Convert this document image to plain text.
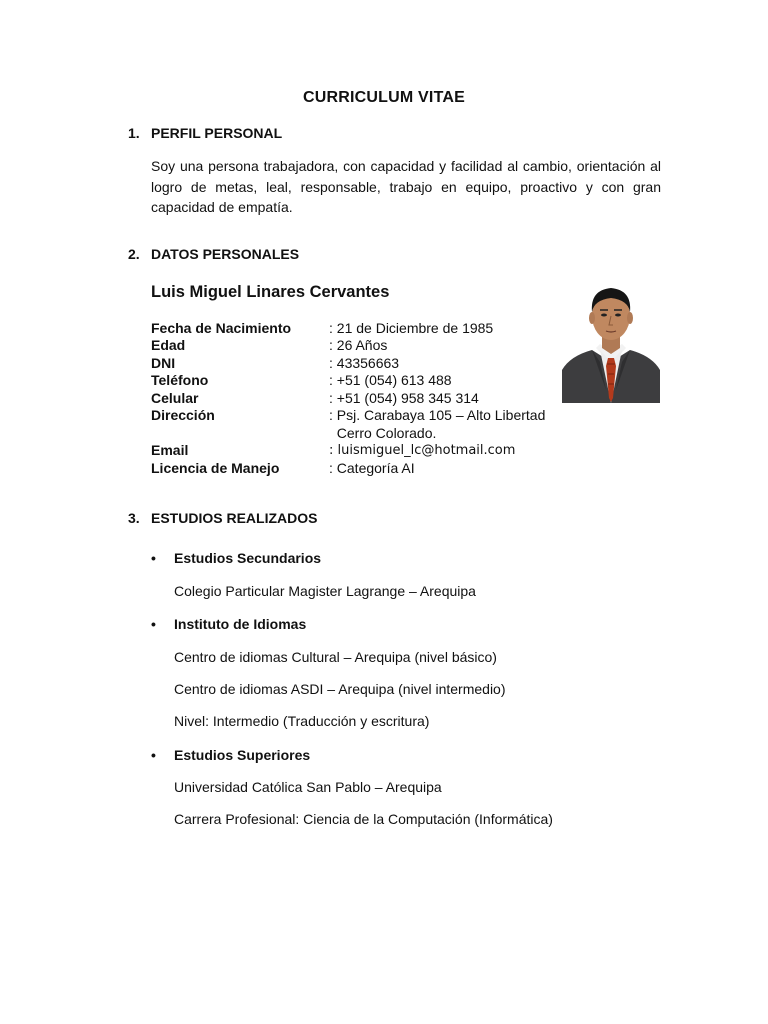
CURRICULUM VITAE
1. PERFIL PERSONAL
Soy una persona trabajadora, con capacidad y facilidad al cambio, orientación al logro de metas, leal, responsable, trabajo en equipo, proactivo y con gran capacidad de empatía.
2. DATOS PERSONALES
Luis Miguel Linares Cervantes
Fecha de Nacimiento	: 21 de Diciembre de 1985
Edad	: 26 Años
DNI	: 43356663
Teléfono	: +51 (054) 613 488
Celular	: +51 (054) 958 345 314
Dirección	: Psj. Carabaya 105 – Alto Libertad
Cerro Colorado.
Email	: luismiguel_lc@hotmail.com
Licencia de Manejo	: Categoría AI
3. ESTUDIOS REALIZADOS
• Estudios Secundarios
Colegio Particular Magister Lagrange – Arequipa
• Instituto de Idiomas
Centro de idiomas Cultural – Arequipa (nivel básico)
Centro de idiomas ASDI – Arequipa (nivel intermedio)
Nivel: Intermedio (Traducción y escritura)
• Estudios Superiores
Universidad Católica San Pablo – Arequipa
Carrera Profesional: Ciencia de la Computación (Informática)
